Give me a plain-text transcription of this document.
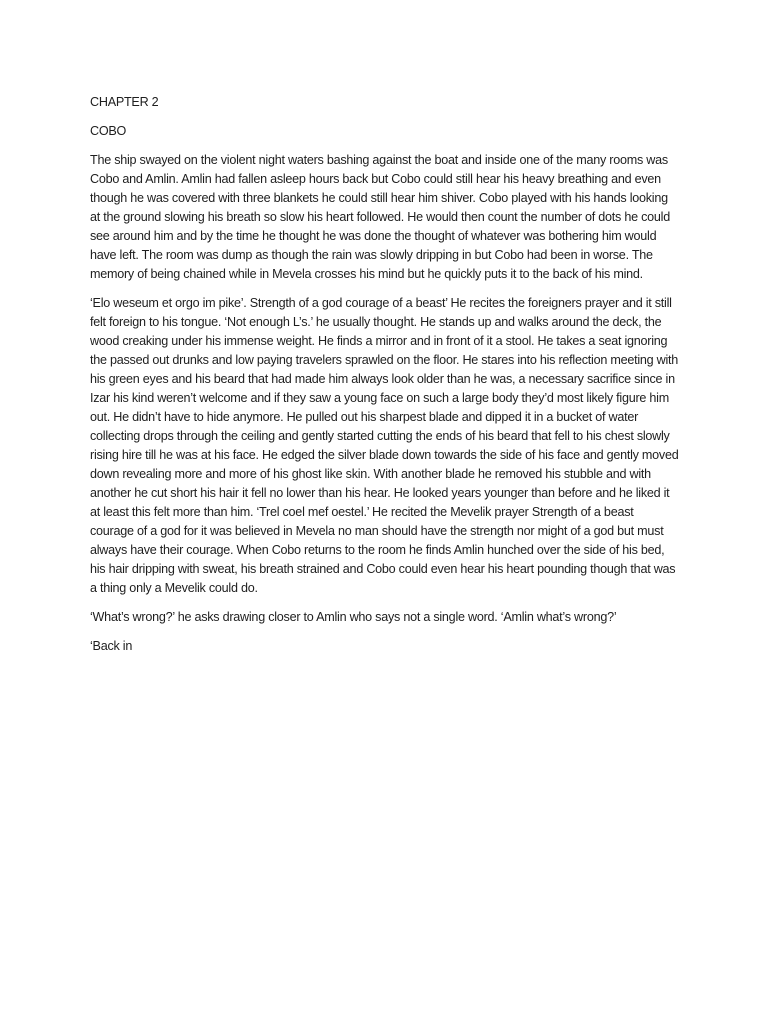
CHAPTER 2

COBO

The ship swayed on the violent night waters bashing against the boat and inside one of the many rooms was Cobo and Amlin. Amlin had fallen asleep hours back but Cobo could still hear his heavy breathing and even though he was covered with three blankets he could still hear him shiver. Cobo played with his hands looking at the ground slowing his breath so slow his heart followed. He would then count the number of dots he could see around him and by the time he thought he was done the thought of whatever was bothering him would have left. The room was dump as though the rain was slowly dripping in but Cobo had been in worse. The memory of being chained while in Mevela crosses his mind but he quickly puts it to the back of his mind.

‘Elo weseum et orgo im pike’. Strength of a god courage of a beast’ He recites the foreigners prayer and it still felt foreign to his tongue. ‘Not enough L’s.’ he usually thought. He stands up and walks around the deck, the wood creaking under his immense weight. He finds a mirror and in front of it a stool. He takes a seat ignoring the passed out drunks and low paying travelers sprawled on the floor. He stares into his reflection meeting with his green eyes and his beard that had made him always look older than he was, a necessary sacrifice since in Izar his kind weren’t welcome and if they saw a young face on such a large body they’d most likely figure him out. He didn’t have to hide anymore. He pulled out his sharpest blade and dipped it in a bucket of water collecting drops through the ceiling and gently started cutting the ends of his beard that fell to his chest slowly rising hire till he was at his face. He edged the silver blade down towards the side of his face and gently moved down revealing more and more of his ghost like skin. With another blade he removed his stubble and with another he cut short his hair it fell no lower than his hear. He looked years younger than before and he liked it at least this felt more than him. ‘Trel coel mef oestel.’ He recited the Mevelik prayer Strength of a beast courage of a god for it was believed in Mevela no man should have the strength nor might of a god but must always have their courage. When Cobo returns to the room he finds Amlin hunched over the side of his bed, his hair dripping with sweat, his breath strained and Cobo could even hear his heart pounding though that was a thing only a Mevelik could do.

‘What’s wrong?’ he asks drawing closer to Amlin who says not a single word. ‘Amlin what’s wrong?’

‘Back in
